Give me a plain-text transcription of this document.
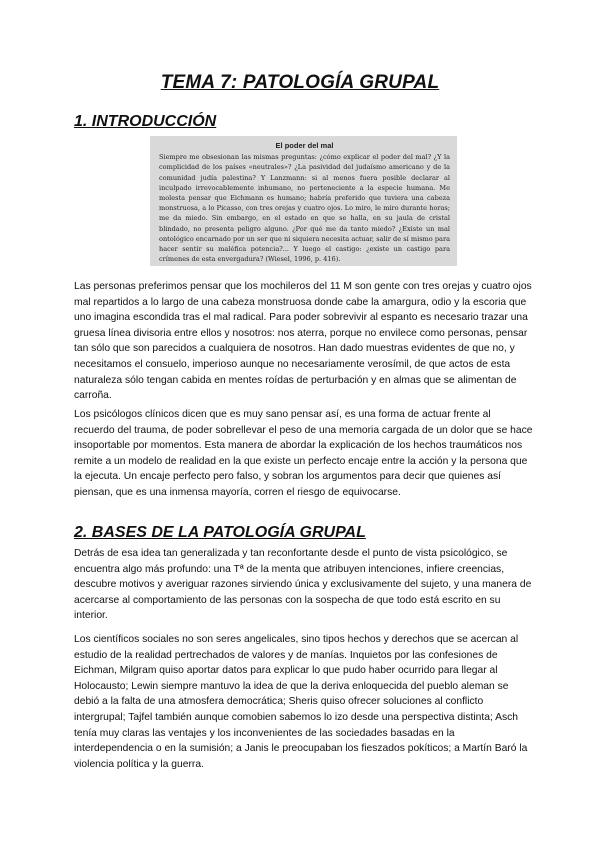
TEMA 7: PATOLOGÍA GRUPAL
1. INTRODUCCIÓN

El poder del mal

Siempre me obsesionan las mismas preguntas: ¿cómo explicar el poder del mal? ¿Y la complicidad de los países «neutrales»? ¿La pasividad del judaísmo americano y de la comunidad judía palestina? Y Lanzmann: si al menos fuera posible declarar al inculpado irrevocablemente inhumano, no perteneciente a la especie humana. Me molesta pensar que Eichmann es humano; habría preferido que tuviera una cabeza monstruosa, a lo Picasso, con tres orejas y cuatro ojos. Lo miro, le miro durante horas; me da miedo. Sin embargo, en el estado en que se halla, en su jaula de cristal blindado, no presenta peligro alguno. ¿Por qué me da tanto miedo? ¿Existe un mal ontológico encarnado por un ser que ni siquiera necesita actuar, salir de sí mismo para hacer sentir su maléfica potencia?... Y luego el castigo: ¿existe un castigo para crímenes de esta envergadura? (Wiesel, 1996, p. 416).

Las personas preferimos pensar que los mochileros del 11 M son gente con tres orejas y cuatro ojos mal repartidos a lo largo de una cabeza monstruosa donde cabe la amargura, odio y la escoria que uno imagina escondida tras el mal radical. Para poder sobrevivir al espanto es necesario trazar una gruesa línea divisoria entre ellos y nosotros: nos aterra, porque no envilece como personas, pensar tan sólo que son parecidos a cualquiera de nosotros. Han dado muestras evidentes de que no, y necesitamos el consuelo, imperioso aunque no necesariamente verosímil, de que actos de esta naturaleza sólo tengan cabida en mentes roídas de perturbación y en almas que se alimentan de carroña.

Los psicólogos clínicos dicen que es muy sano pensar así, es una forma de actuar frente al recuerdo del trauma, de poder sobrellevar el peso de una memoria cargada de un dolor que se hace insoportable por momentos. Esta manera de abordar la explicación de los hechos traumáticos nos remite a un modelo de realidad en la que existe un perfecto encaje entre la acción y la persona que la ejecuta. Un encaje perfecto pero falso, y sobran los argumentos para decir que quienes así piensan, que es una inmensa mayoría, corren el riesgo de equivocarse.

2. BASES DE LA PATOLOGÍA GRUPAL

Detrás de esa idea tan generalizada y tan reconfortante desde el punto de vista psicológico, se encuentra algo más profundo: una Tª de la menta que atribuyen intenciones, infiere creencias, descubre motivos y averiguar razones sirviendo única y exclusivamente del sujeto, y una manera de acercarse al comportamiento de las personas con la sospecha de que todo está escrito en su interior.

Los científicos sociales no son seres angelicales, sino tipos hechos y derechos que se acercan al estudio de la realidad pertrechados de valores y de manías. Inquietos por las confesiones de Eichman, Milgram quiso aportar datos para explicar lo que pudo haber ocurrido para llegar al Holocausto; Lewin siempre mantuvo la idea de que la deriva enloquecida del pueblo aleman se debió a la falta de una atmosfera democrática; Sheris quiso ofrecer soluciones al conflicto intergrupal; Tajfel también aunque comobien sabemos lo izo desde una perspectiva distinta; Asch tenía muy claras las ventajes y los inconvenientes de las sociedades basadas en la interdependencia o en la sumisión; a Janis le preocupaban los fieszados pokíticos; a Martín Baró la violencia política y la guerra.
